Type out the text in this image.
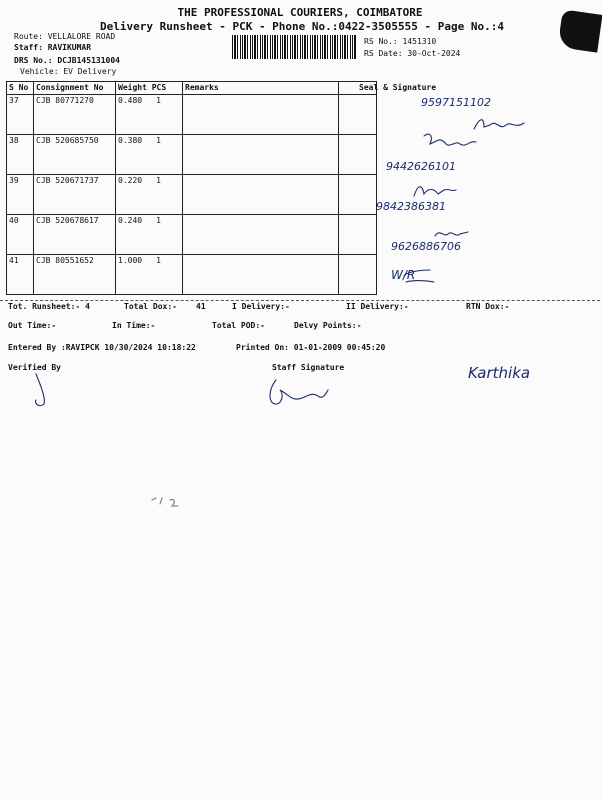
THE PROFESSIONAL COURIERS, COIMBATORE
Delivery Runsheet - PCK - Phone No.:0422-3505555 - Page No.:4
Route: VELLALORE ROAD
Staff: RAVIKUMAR
DRS No.: DCJB145131004
Vehicle: EV Delivery
RS No.: 1451310
RS Date: 30-Oct-2024
S No	Consignment No	Weight PCS		Remarks	Seal & Signature
37	CJB 80771270	0.480 1			9597151102
38	CJB 520685750	0.380 1			9442626101
39	CJB 520671737	0.220 1			9842386381
40	CJB 520678617	0.240 1			9626886706
41	CJB 80551652	1.000 1			W/R
Tot. Runsheet:- 4	Total Dox:- 41	I Delivery:-	II Delivery:-	RTN Dox:-
Out Time:-	In Time:-	Total POD:-	Delvy Points:-
Entered By :RAVIPCK 10/30/2024 10:18:22	Printed On: 01-01-2009 00:45:20
Verified By	Staff Signature	Karthika
